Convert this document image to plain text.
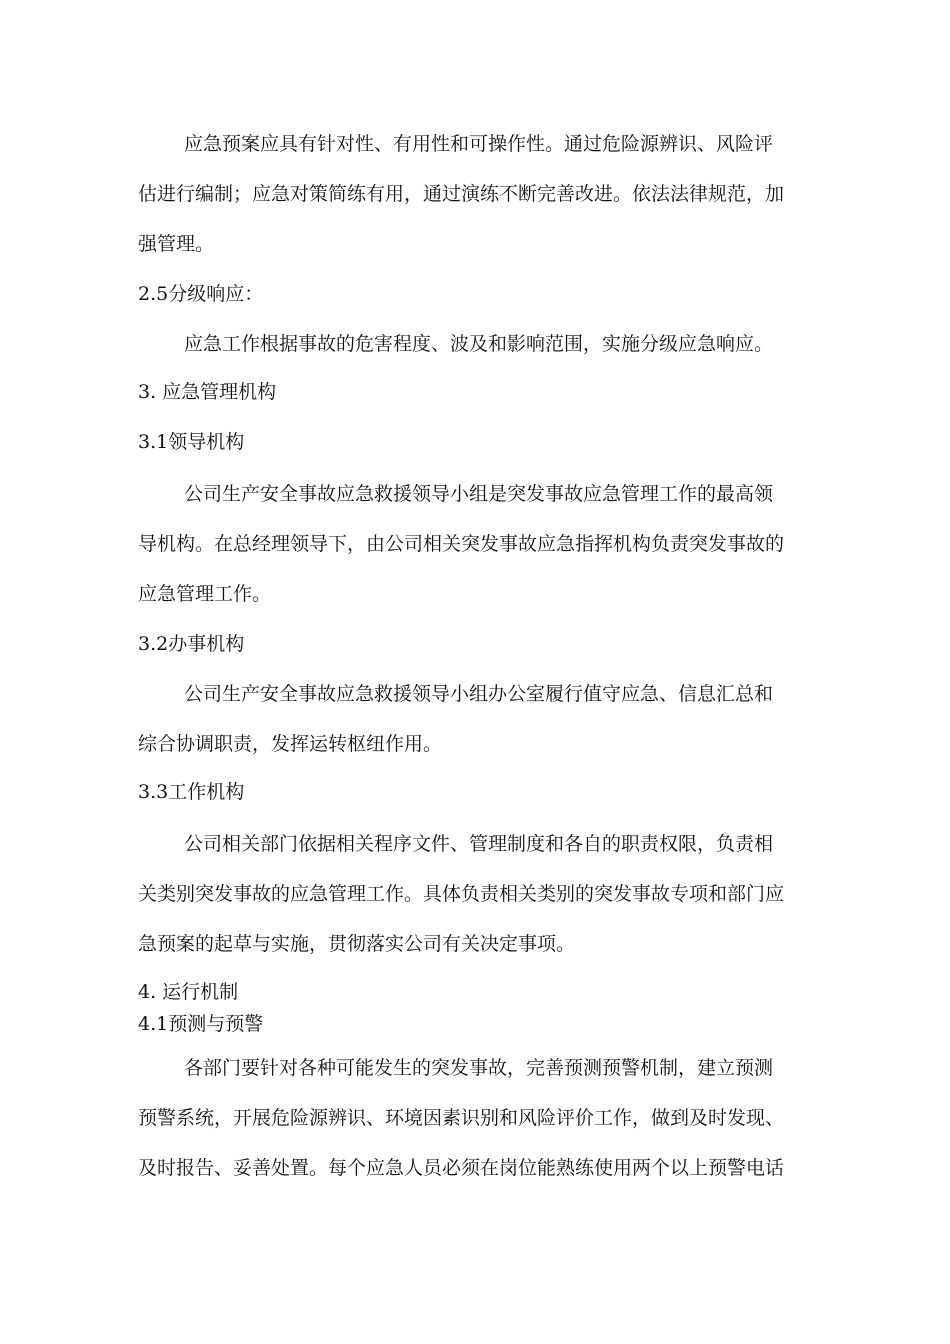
应急预案应具有针对性、有用性和可操作性。通过危险源辨识、风险评
估进行编制；应急对策简练有用，通过演练不断完善改进。依法法律规范，加
强管理。
2.5分级响应：
应急工作根据事故的危害程度、波及和影响范围，实施分级应急响应。
3. 应急管理机构
3.1领导机构
公司生产安全事故应急救援领导小组是突发事故应急管理工作的最高领
导机构。在总经理领导下，由公司相关突发事故应急指挥机构负责突发事故的
应急管理工作。
3.2办事机构
公司生产安全事故应急救援领导小组办公室履行值守应急、信息汇总和
综合协调职责，发挥运转枢纽作用。
3.3工作机构
公司相关部门依据相关程序文件、管理制度和各自的职责权限，负责相
关类别突发事故的应急管理工作。具体负责相关类别的突发事故专项和部门应
急预案的起草与实施，贯彻落实公司有关决定事项。
4. 运行机制
4.1预测与预警
各部门要针对各种可能发生的突发事故，完善预测预警机制，建立预测
预警系统，开展危险源辨识、环境因素识别和风险评价工作，做到及时发现、
及时报告、妥善处置。每个应急人员必须在岗位能熟练使用两个以上预警电话
